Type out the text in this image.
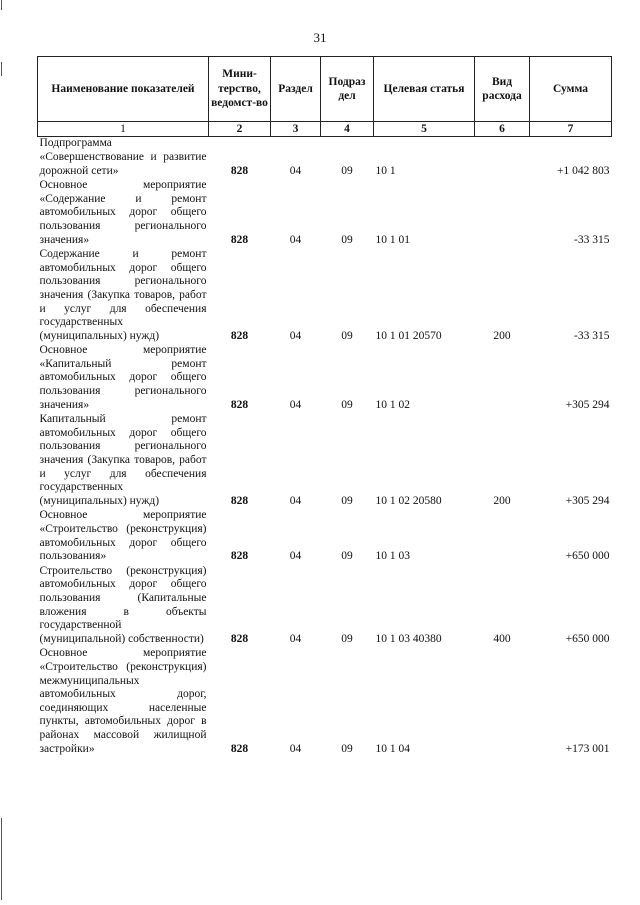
31
Наименование показателей	Мини-терство, ведомст-во	Раздел	Подраз дел	Целевая статья	Вид расхода	Сумма
1	2	3	4	5	6	7
Подпрограмма «Совершенствование и развитие дорожной сети»	828	04	09	10 1		+1 042 803
Основное мероприятие «Содержание и ремонт автомобильных дорог общего пользования регионального значения»	828	04	09	10 1 01		-33 315
Содержание и ремонт автомобильных дорог общего пользования регионального значения (Закупка товаров, работ и услуг для обеспечения государственных (муниципальных) нужд)	828	04	09	10 1 01 20570	200	-33 315
Основное мероприятие «Капитальный ремонт автомобильных дорог общего пользования регионального значения»	828	04	09	10 1 02		+305 294
Капитальный ремонт автомобильных дорог общего пользования регионального значения (Закупка товаров, работ и услуг для обеспечения государственных (муниципальных) нужд)	828	04	09	10 1 02 20580	200	+305 294
Основное мероприятие «Строительство (реконструкция) автомобильных дорог общего пользования»	828	04	09	10 1 03		+650 000
Строительство (реконструкция) автомобильных дорог общего пользования (Капитальные вложения в объекты государственной (муниципальной) собственности)	828	04	09	10 1 03 40380	400	+650 000
Основное мероприятие «Строительство (реконструкция) межмуниципальных автомобильных дорог, соединяющих населенные пункты, автомобильных дорог в районах массовой жилищной застройки»	828	04	09	10 1 04		+173 001
